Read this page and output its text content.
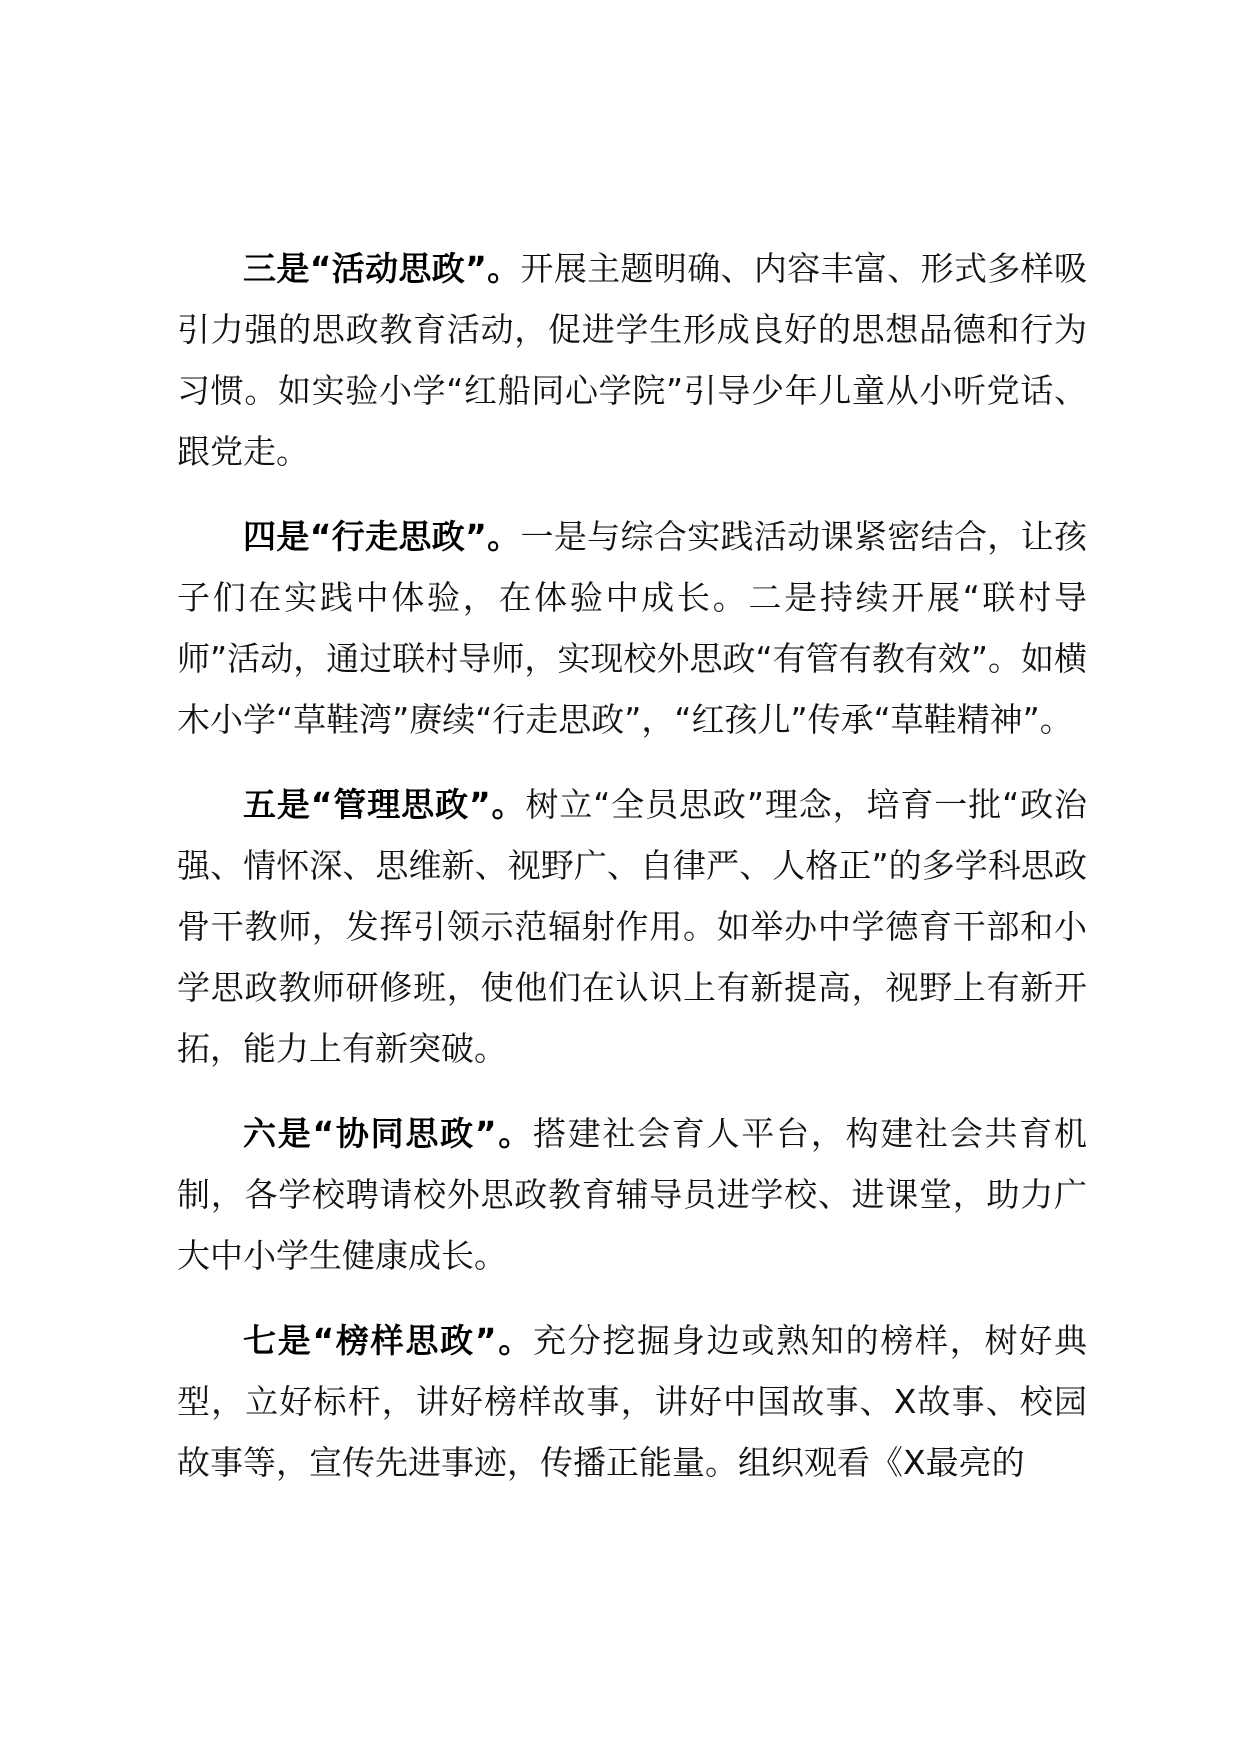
三是“活动思政”。开展主题明确、内容丰富、形式多样吸引力强的思政教育活动，促进学生形成良好的思想品德和行为习惯。如实验小学“红船同心学院”引导少年儿童从小听党话、跟党走。

四是“行走思政”。一是与综合实践活动课紧密结合，让孩子们在实践中体验，在体验中成长。二是持续开展“联村导师”活动，通过联村导师，实现校外思政“有管有教有效”。如横木小学“草鞋湾”赓续“行走思政”，“红孩儿”传承“草鞋精神”。

五是“管理思政”。树立“全员思政”理念，培育一批“政治强、情怀深、思维新、视野广、自律严、人格正”的多学科思政骨干教师，发挥引领示范辐射作用。如举办中学德育干部和小学思政教师研修班，使他们在认识上有新提高，视野上有新开拓，能力上有新突破。

六是“协同思政”。搭建社会育人平台，构建社会共育机制，各学校聘请校外思政教育辅导员进学校、进课堂，助力广大中小学生健康成长。

七是“榜样思政”。充分挖掘身边或熟知的榜样，树好典型，立好标杆，讲好榜样故事，讲好中国故事、X故事、校园故事等，宣传先进事迹，传播正能量。组织观看《X最亮的
